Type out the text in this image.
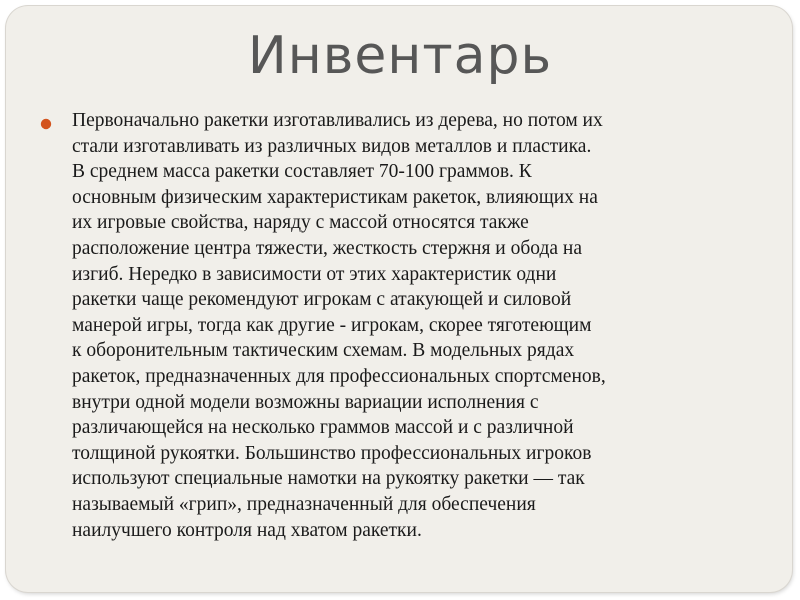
Инвентарь
Первоначально ракетки изготавливались из дерева, но потом их
стали изготавливать из различных видов металлов и пластика.
В среднем масса ракетки составляет 70-100 граммов. К
основным физическим характеристикам ракеток, влияющих на
их игровые свойства, наряду с массой относятся также
расположение центра тяжести, жесткость стержня и обода на
изгиб. Нередко в зависимости от этих характеристик одни
ракетки чаще рекомендуют игрокам с атакующей и силовой
манерой игры, тогда как другие - игрокам, скорее тяготеющим
к оборонительным тактическим схемам. В модельных рядах
ракеток, предназначенных для профессиональных спортсменов,
внутри одной модели возможны вариации исполнения с
различающейся на несколько граммов массой и с различной
толщиной рукоятки. Большинство профессиональных игроков
используют специальные намотки на рукоятку ракетки — так
называемый «грип», предназначенный для обеспечения
наилучшего контроля над хватом ракетки.
